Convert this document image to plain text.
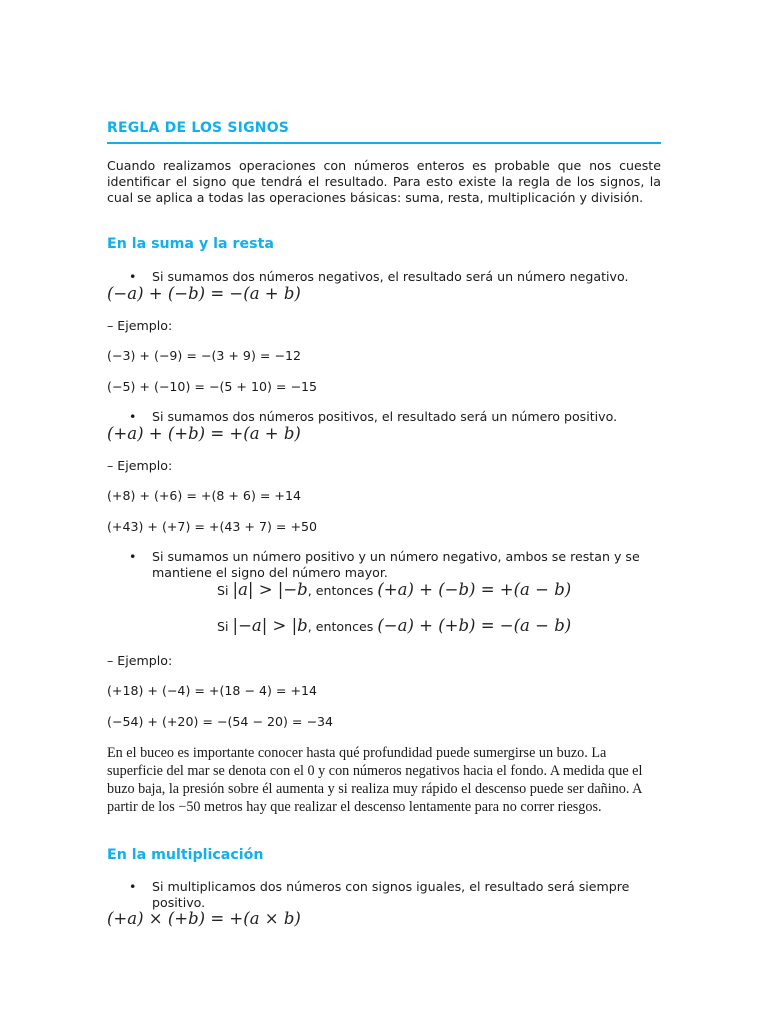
REGLA DE LOS SIGNOS
Cuando realizamos operaciones con números enteros es probable que nos cueste identificar el signo que tendrá el resultado. Para esto existe la regla de los signos, la cual se aplica a todas las operaciones básicas: suma, resta, multiplicación y división.
En la suma y la resta
•	Si sumamos dos números negativos, el resultado será un número negativo.
(−a) + (−b) = −(a + b)
– Ejemplo:
(−3) + (−9) = −(3 + 9) = −12
(−5) + (−10) = −(5 + 10) = −15
•	Si sumamos dos números positivos, el resultado será un número positivo.
(+a) + (+b) = +(a + b)
– Ejemplo:
(+8) + (+6) = +(8 + 6) = +14
(+43) + (+7) = +(43 + 7) = +50
•	Si sumamos un número positivo y un número negativo, ambos se restan y se mantiene el signo del número mayor.
Si |a| > |−b, entonces (+a) + (−b) = +(a − b)
Si |−a| > |b, entonces (−a) + (+b) = −(a − b)
– Ejemplo:
(+18) + (−4) = +(18 − 4) = +14
(−54) + (+20) = −(54 − 20) = −34
En el buceo es importante conocer hasta qué profundidad puede sumergirse un buzo. La superficie del mar se denota con el 0 y con números negativos hacia el fondo. A medida que el buzo baja, la presión sobre él aumenta y si realiza muy rápido el descenso puede ser dañino. A partir de los −50 metros hay que realizar el descenso lentamente para no correr riesgos.
En la multiplicación
•	Si multiplicamos dos números con signos iguales, el resultado será siempre positivo.
(+a) × (+b) = +(a × b)
